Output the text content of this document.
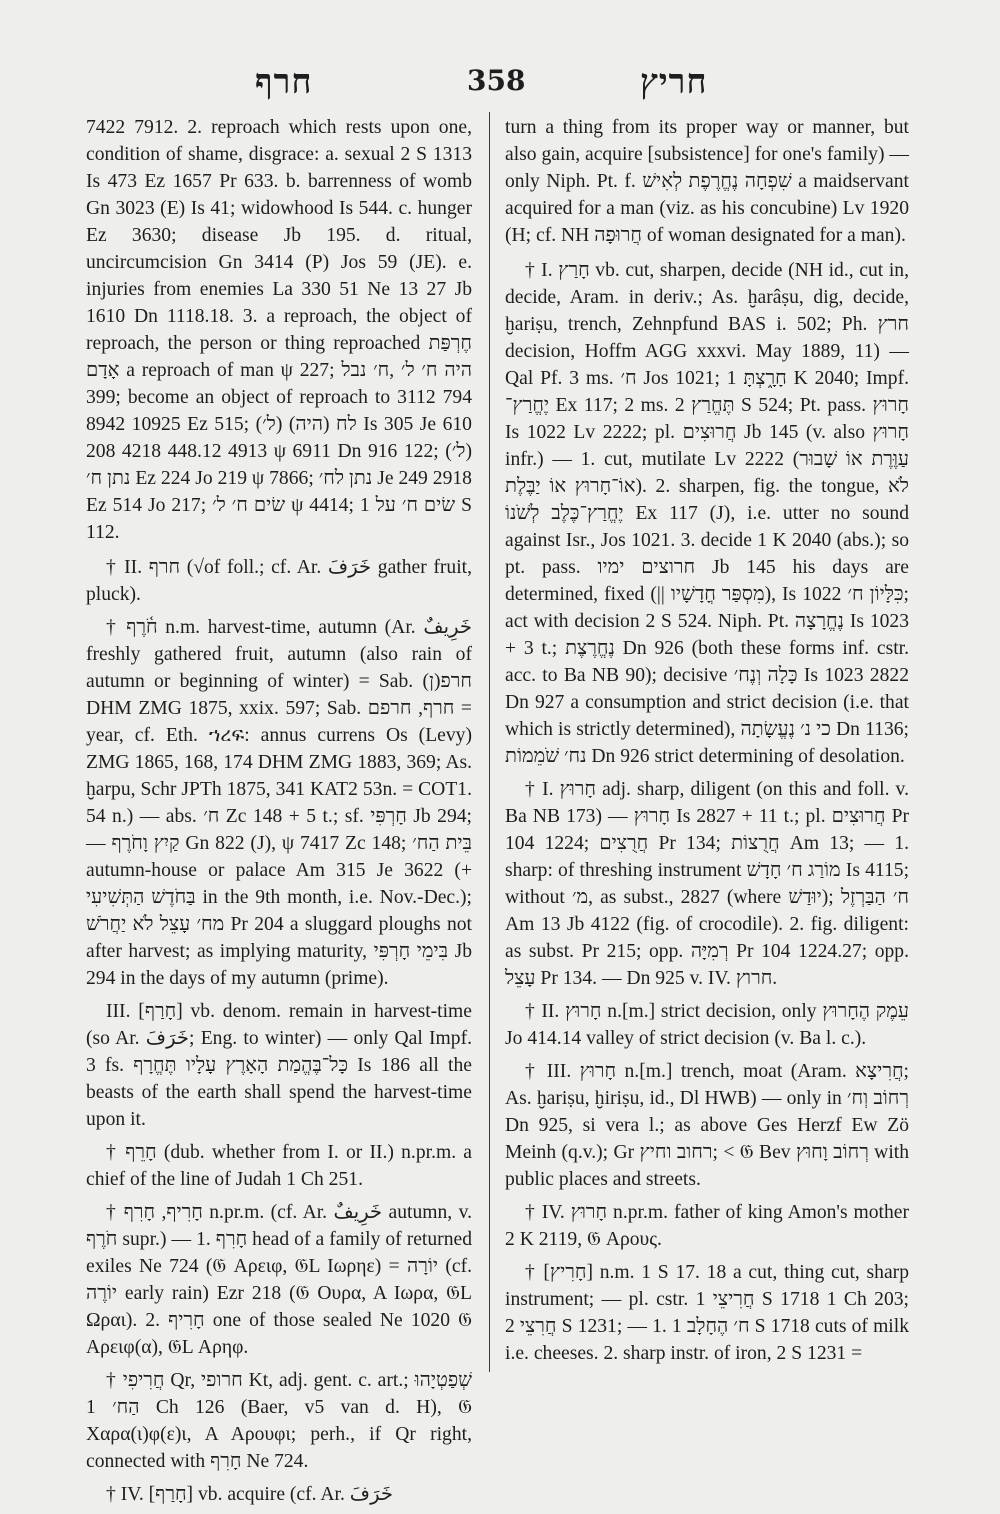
חרף	358	חריץ

7422 7912. 2. reproach which rests upon one, condition of shame, disgrace: a. sexual 2 S 1313 Is 473 Ez 1657 Pr 633. b. barrenness of womb Gn 3023 (E) Is 41; widowhood Is 544. c. hunger Ez 3630; disease Jb 195. d. ritual, uncircumcision Gn 3414 (P) Jos 59 (JE). e. injuries from enemies La 330 51 Ne 13 27 Jb 1610 Dn 1118.18. 3. a reproach, the object of reproach, the person or thing reproached חֶרְפַּת אָדָם a reproach of man ψ 227; היה ח׳ ל׳ ,ח׳ נבל 399; become an object of reproach to 3112 794 8942 10925 Ez 515; (ל׳) (היה) לח Is 305 Je 610 208 4218 448.12 4913 ψ 6911 Dn 916 122; (ל׳) נתן ח׳ Ez 224 Jo 219 ψ 7866; נתן לח׳ Je 249 2918 Ez 514 Jo 217; שׂים ח׳ ל׳ ψ 4414; שׂים ח׳ על 1 S 112.

† II. חרף (√of foll.; cf. Ar. خَرَفَ gather fruit, pluck).

† חֹ֫רֶף n.m. harvest-time, autumn (Ar. خَرِيفٌ freshly gathered fruit, autumn (also rain of autumn or beginning of winter) = Sab. (ן)חרפ DHM ZMG 1875, xxix. 597; Sab. חרף, חרפם = year, cf. Eth. ኀረፍ: annus currens Os (Levy) ZMG 1865, 168, 174 DHM ZMG 1883, 369; As. ḫarpu, Schr JPTh 1875, 341 KAT2 53n. = COT1. 54 n.) — abs. ח׳ Zc 148 + 5 t.; sf. חָרְפִּי Jb 294; — קַיִץ וָחֹרֶף Gn 822 (J), ψ 7417 Zc 148; בֵּית הַח׳ autumn-house or palace Am 315 Je 3622 (+ בַּחֹדֶשׁ הַתְּשִׁיעִי in the 9th month, i.e. Nov.-Dec.); מח׳ עָצֵל לֹא יַחֲרֹשׁ Pr 204 a sluggard ploughs not after harvest; as implying maturity, בִּימֵי חָרְפִּי Jb 294 in the days of my autumn (prime).

III. [חָרַף] vb. denom. remain in harvest-time (so Ar. خَرَفَ; Eng. to winter) — only Qal Impf. 3 fs. כָּל־בֶּהֱמַת הָאָרֶץ עָלָיו תֶּחֱרָף Is 186 all the beasts of the earth shall spend the harvest-time upon it.

† חָרֵף (dub. whether from I. or II.) n.pr.m. a chief of the line of Judah 1 Ch 251.

† חָרִיף, חָרִף n.pr.m. (cf. Ar. خَرِيفٌ autumn, v. חֹרֶף supr.) — 1. חָרִף head of a family of returned exiles Ne 724 (𝔊 Αρειφ, 𝔊L Ιωρηε) = יוֹרָה (cf. יוֹרֶה early rain) Ezr 218 (𝔊 Ουρα, Α Ιωρα, 𝔊L Ωραι). 2. חָרִיף one of those sealed Ne 1020 𝔊 Αρειφ(α), 𝔊L Αρηφ.

† חֲרִיפִי Qr, חרופי Kt, adj. gent. c. art.; שְׁפַטְיָהוּ הַח׳ 1 Ch 126 (Baer, v5 van d. H), 𝔊 Χαρα(ι)φ(ε)ι, Α Αρουφι; perh., if Qr right, connected with חָרִף Ne 724.

† IV. [חָרַף] vb. acquire (cf. Ar. خَرَفَ

turn a thing from its proper way or manner, but also gain, acquire [subsistence] for one's family) — only Niph. Pt. f. שִׁפְחָה נֶחֱרֶפֶת לְאִישׁ a maidservant acquired for a man (viz. as his concubine) Lv 1920 (H; cf. NH חֲרוּפָה of woman designated for a man).

† I. חָרַץ vb. cut, sharpen, decide (NH id., cut in, decide, Aram. in deriv.; As. ḫarâṣu, dig, decide, ḫariṣu, trench, Zehnpfund BAS i. 502; Ph. חרץ decision, Hoffm AGG xxxvi. May 1889, 11) — Qal Pf. 3 ms. ח׳ Jos 1021; חָרָ֑צְתָּ 1 K 2040; Impf. יֶחֱרַץ־ Ex 117; 2 ms. תֶּחֱרַץ 2 S 524; Pt. pass. חָרוּץ Is 1022 Lv 2222; pl. חֲרוּצִים Jb 145 (v. also חָרוּץ infr.) — 1. cut, mutilate Lv 2222 (עַוֶּרֶת אוֹ שָׁבוּר אוֹ־חָרוּץ אוֹ יַבֶּלֶת). 2. sharpen, fig. the tongue, לֹא יֶחֱרַץ־כֶּלֶב לְשֹׁנוֹ Ex 117 (J), i.e. utter no sound against Isr., Jos 1021. 3. decide 1 K 2040 (abs.); so pt. pass. חרוצים ימיו Jb 145 his days are determined, fixed (|| מִסְפַּר חֳדָשָׁיו), Is 1022 כִּלָּיוֹן ח׳; act with decision 2 S 524. Niph. Pt. נֶחֱרָצָה Is 1023 + 3 t.; נֶחֱרֶצֶת Dn 926 (both these forms inf. cstr. acc. to Ba NB 90); decisive כָּלָה וְנֶח׳ Is 1023 2822 Dn 927 a consumption and strict decision (i.e. that which is strictly determined), כי נ׳ נֶעֱשָׂתָה Dn 1136; נח׳ שֹׁמֵמוֹת Dn 926 strict determining of desolation.

† I. חָרוּץ adj. sharp, diligent (on this and foll. v. Ba NB 173) — חָרוּץ Is 2827 + 11 t.; pl. חֲרוּצִים Pr 104 1224; חֲרֻצִים Pr 134; חֲרֻצוֹת Am 13; — 1. sharp: of threshing instrument מוֹרַג ח׳ חָדָשׁ Is 4115; without מ׳, as subst., 2827 (where יוּדַשׁ); ח׳ הַבַּרְזֶל Am 13 Jb 4122 (fig. of crocodile). 2. fig. diligent: as subst. Pr 215; opp. רְמִיָּה Pr 104 1224.27; opp. עָצֵל Pr 134. — Dn 925 v. IV. חרוץ.

† II. חָרוּץ n.[m.] strict decision, only עֵמֶק הֶחָרוּץ Jo 414.14 valley of strict decision (v. Ba l. c.).

† III. חָרוּץ n.[m.] trench, moat (Aram. חֲרִיצָא; As. ḫariṣu, ḫiriṣu, id., Dl HWB) — only in רְחוֹב וְח׳ Dn 925, si vera l.; as above Ges Herzf Ew Zö Meinh (q.v.); Gr רחוב וחיץ; < 𝔊 Bev רְחוֹב וָחוּץ with public places and streets.

† IV. חָרוּץ n.pr.m. father of king Amon's mother 2 K 2119, 𝔊 Αρους.

† [חָרִיץ] n.m. 1 S 17. 18 a cut, thing cut, sharp instrument; — pl. cstr. חֲרִיצֵי 1 S 1718 1 Ch 203; חֲרִצֵי 2 S 1231; — 1. ח׳ הֶחָלָב 1 S 1718 cuts of milk i.e. cheeses. 2. sharp instr. of iron, 2 S 1231 =
